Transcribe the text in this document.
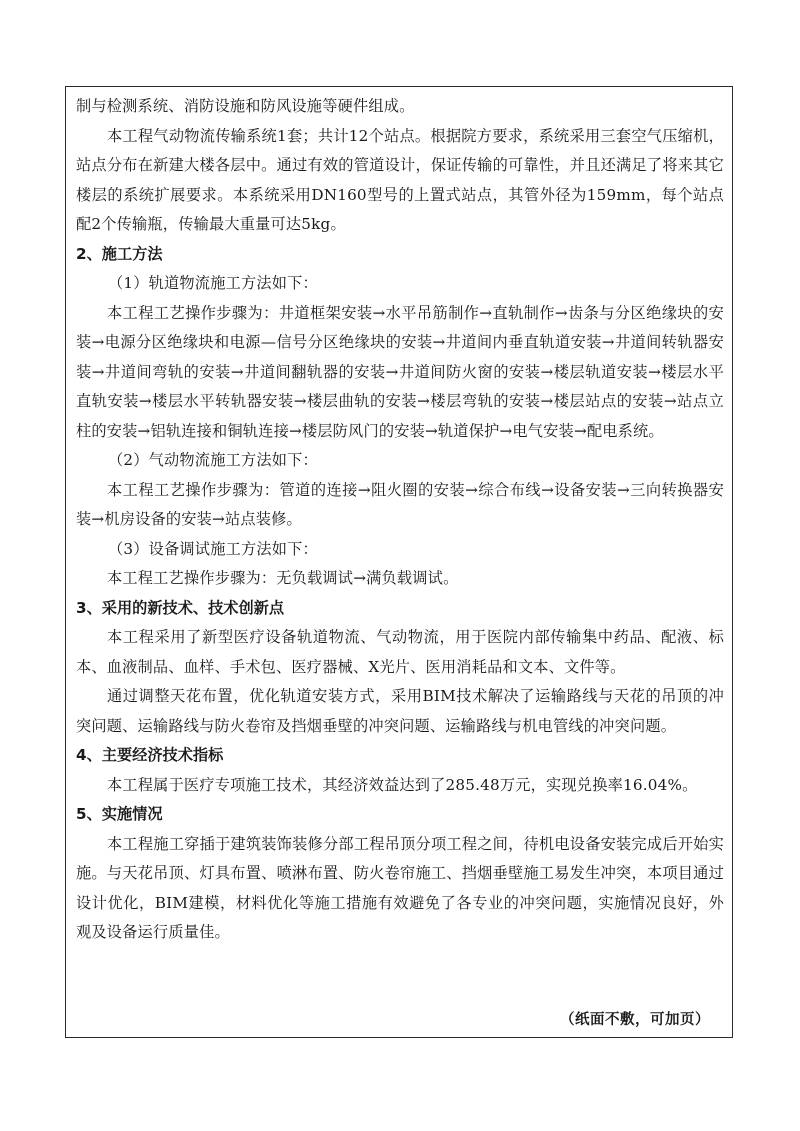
制与检测系统、消防设施和防风设施等硬件组成。

本工程气动物流传输系统1套；共计12个站点。根据院方要求，系统采用三套空气压缩机，站点分布在新建大楼各层中。通过有效的管道设计，保证传输的可靠性，并且还满足了将来其它楼层的系统扩展要求。本系统采用DN160型号的上置式站点，其管外径为159mm，每个站点配2个传输瓶，传输最大重量可达5kg。

2、施工方法

（1）轨道物流施工方法如下：

本工程工艺操作步骤为：井道框架安装→水平吊筋制作→直轨制作→齿条与分区绝缘块的安装→电源分区绝缘块和电源—信号分区绝缘块的安装→井道间内垂直轨道安装→井道间转轨器安装→井道间弯轨的安装→井道间翻轨器的安装→井道间防火窗的安装→楼层轨道安装→楼层水平直轨安装→楼层水平转轨器安装→楼层曲轨的安装→楼层弯轨的安装→楼层站点的安装→站点立柱的安装→铝轨连接和铜轨连接→楼层防风门的安装→轨道保护→电气安装→配电系统。

（2）气动物流施工方法如下：

本工程工艺操作步骤为：管道的连接→阻火圈的安装→综合布线→设备安装→三向转换器安装→机房设备的安装→站点装修。

（3）设备调试施工方法如下：

本工程工艺操作步骤为：无负载调试→满负载调试。

3、采用的新技术、技术创新点

本工程采用了新型医疗设备轨道物流、气动物流，用于医院内部传输集中药品、配液、标本、血液制品、血样、手术包、医疗器械、X光片、医用消耗品和文本、文件等。

通过调整天花布置，优化轨道安装方式，采用BIM技术解决了运输路线与天花的吊顶的冲突问题、运输路线与防火卷帘及挡烟垂壁的冲突问题、运输路线与机电管线的冲突问题。

4、主要经济技术指标

本工程属于医疗专项施工技术，其经济效益达到了285.48万元，实现兑换率16.04%。

5、实施情况

本工程施工穿插于建筑装饰装修分部工程吊顶分项工程之间，待机电设备安装完成后开始实施。与天花吊顶、灯具布置、喷淋布置、防火卷帘施工、挡烟垂壁施工易发生冲突，本项目通过设计优化，BIM建模，材料优化等施工措施有效避免了各专业的冲突问题，实施情况良好，外观及设备运行质量佳。

（纸面不敷，可加页）
